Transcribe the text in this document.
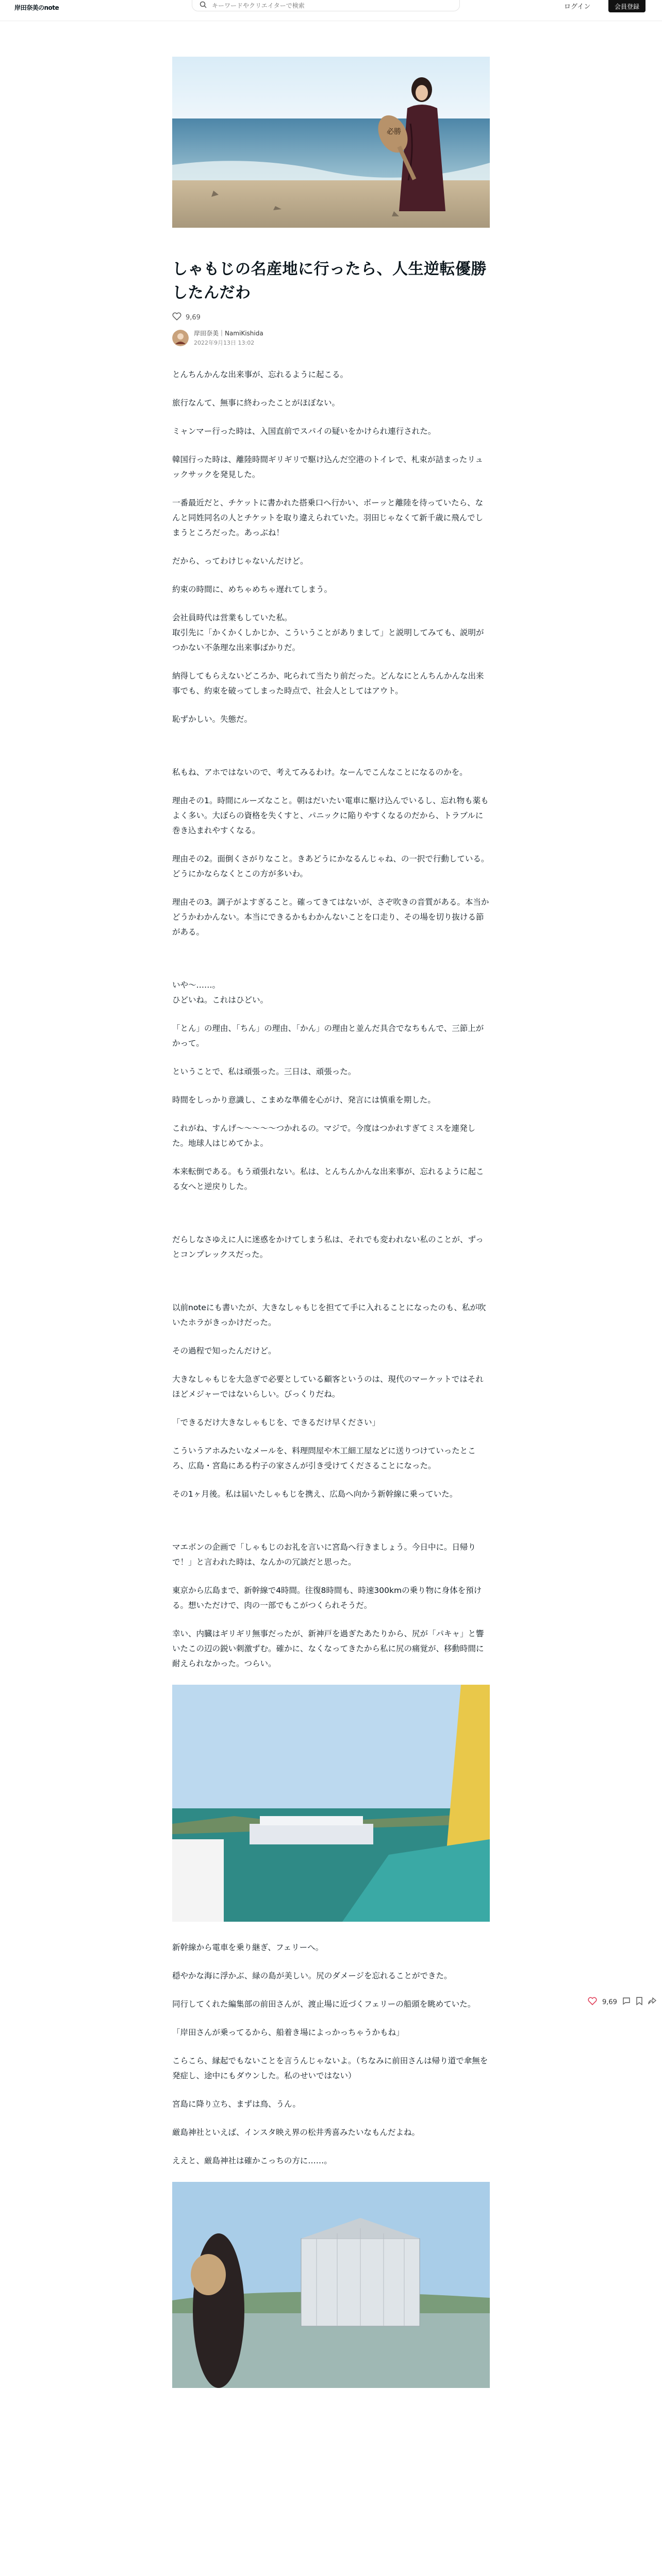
岸田奈美のnote
キーワードやクリエイターで検索	ログイン	会員登録
必勝
しゃもじの名産地に行ったら、人生逆転優勝したんだわ
9,69
岸田奈美｜NamiKishida
2022年9月13日 13:02

とんちんかんな出来事が、忘れるように起こる。

旅行なんて、無事に終わったことがほぼない。

ミャンマー行った時は、入国直前でスパイの疑いをかけられ連行された。

韓国行った時は、離陸時間ギリギリで駆け込んだ空港のトイレで、札束が詰まったリュックサックを発見した。

一番最近だと、チケットに書かれた搭乗口へ行かい、ボーッと離陸を待っていたら、なんと同姓同名の人とチケットを取り違えられていた。羽田じゃなくて新千歳に飛んでしまうところだった。あっぶね！

だから、ってわけじゃないんだけど。

約束の時間に、めちゃめちゃ遅れてしまう。

会社員時代は営業もしていた私。
取引先に「かくかくしかじか、こういうことがありまして」と説明してみても、説明がつかない不条理な出来事ばかりだ。

納得してもらえないどころか、叱られて当たり前だった。どんなにとんちんかんな出来事でも、約束を破ってしまった時点で、社会人としてはアウト。

恥ずかしい。失態だ。

私もね、アホではないので、考えてみるわけ。なーんでこんなことになるのかを。

理由その1。時間にルーズなこと。朝はだいたい電車に駆け込んでいるし、忘れ物も薬もよく多い。大ぼらの資格を失くすと、パニックに陥りやすくなるのだから、トラブルに巻き込まれやすくなる。

理由その2。面倒くさがりなこと。きあどうにかなるんじゃね、の一択で行動している。どうにかならなくとこの方が多いわ。

理由その3。調子がよすぎること。確ってきてはないが、さぞ吹きの音質がある。本当かどうかわかんない。本当にできるかもわかんないことを口走り、その場を切り抜ける節がある。

いや〜……。
ひどいね。これはひどい。

「とん」の理由、「ちん」の理由、「かん」の理由と並んだ具合でなちもんで、三節上がかって。

ということで、私は頑張った。三日は、頑張った。

時間をしっかり意識し、こまめな準備を心がけ、発言には慎重を期した。

これがね、すんげ〜〜〜〜〜つかれるの。マジで。今度はつかれすぎてミスを連発した。地球人はじめてかよ。

本来転倒である。もう頑張れない。私は、とんちんかんな出来事が、忘れるように起こる女へと逆戻りした。

だらしなさゆえに人に迷惑をかけてしまう私は、それでも変われない私のことが、ずっとコンプレックスだった。

以前noteにも書いたが、大きなしゃもじを担てて手に入れることになったのも、私が吹いたホラがきっかけだった。

その過程で知ったんだけど。

大きなしゃもじを大急ぎで必要としている顧客というのは、現代のマーケットではそれほどメジャーではないらしい。びっくりだね。

「できるだけ大きなしゃもじを、できるだけ早ください」

こういうアホみたいなメールを、料理問屋や木工細工屋などに送りつけていったところ、広島・宮島にある杓子の家さんが引き受けてくださることになった。

その1ヶ月後。私は届いたしゃもじを携え、広島へ向かう新幹線に乗っていた。

マエボンの企画で「しゃもじのお礼を言いに宮島へ行きましょう。今日中に。日帰りで！」と言われた時は、なんかの冗談だと思った。

東京から広島まで、新幹線で4時間。往復8時間も、時速300kmの乗り物に身体を預ける。想いただけで、肉の一部でもこがつくられそうだ。

幸い、内臓はギリギリ無事だったが、新神戸を過ぎたあたりから、尻が「パキャ」と響いたこの辺の鋭い刺激ずむ。確かに、なくなってきたから私に尻の痛覚が、移動時間に耐えられなかった。つらい。

新幹線から電車を乗り継ぎ、フェリーへ。

穏やかな海に浮かぶ、緑の島が美しい。尻のダメージを忘れることができた。

同行してくれた編集部の前田さんが、渡止場に近づくフェリーの船頭を眺めていた。

「岸田さんが乗ってるから、船着き場によっかっちゃうかもね」

こらこら、縁起でもないことを言うんじゃないよ。（ちなみに前田さんは帰り道で傘無を発症し、途中にもダウンした。私のせいではない）

宮島に降り立ち、まずは鳥、うん。

厳島神社といえば、インスタ映え界の松井秀喜みたいなもんだよね。

ええと、厳島神社は確かこっちの方に……。

9,69
